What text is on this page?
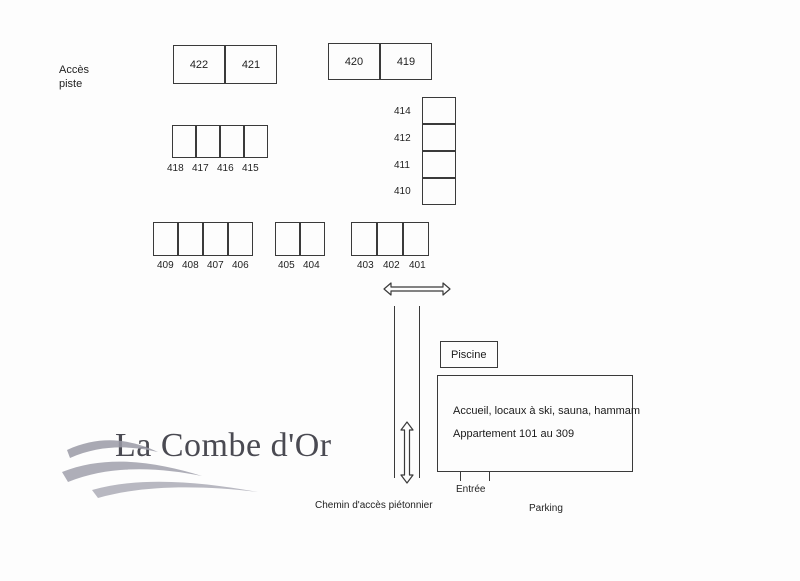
Accès
piste
422	421	420	419
418 417 416 415
414
412
411
410
409 408 407 406	405 404	403 402 401
Piscine
Accueil, locaux à ski, sauna, hammam
Appartement 101 au 309
Entrée
Parking
Chemin d'accès piétonnier
La Combe d'Or
